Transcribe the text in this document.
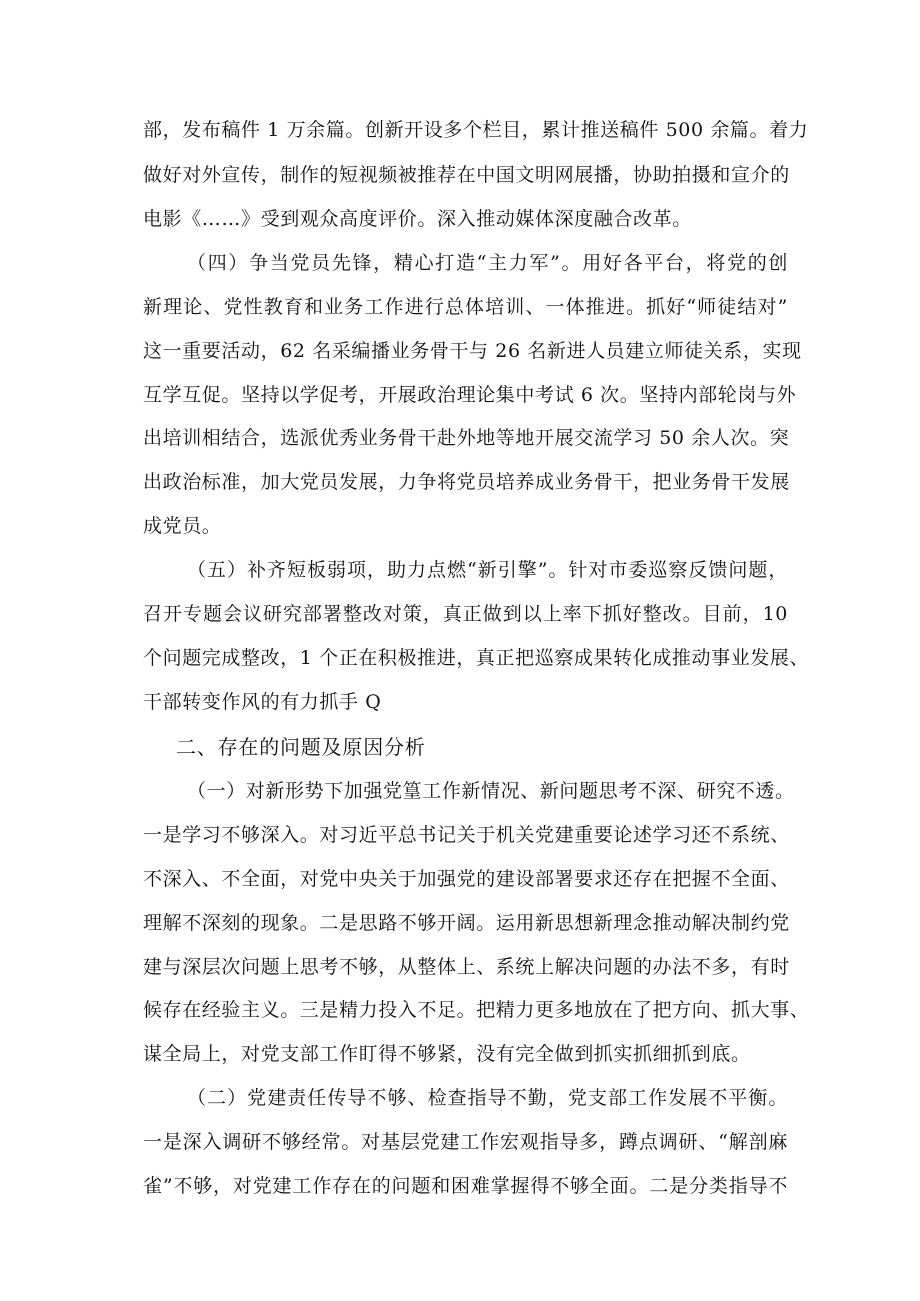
部，发布稿件 1 万余篇。创新开设多个栏目，累计推送稿件 500 余篇。着力
做好对外宣传，制作的短视频被推荐在中国文明网展播，协助拍摄和宣介的
电影《……》受到观众高度评价。深入推动媒体深度融合改革。
（四）争当党员先锋，精心打造“主力军”。用好各平台，将党的创
新理论、党性教育和业务工作进行总体培训、一体推进。抓好“师徒结对”
这一重要活动，62 名采编播业务骨干与 26 名新进人员建立师徒关系，实现
互学互促。坚持以学促考，开展政治理论集中考试 6 次。坚持内部轮岗与外
出培训相结合，选派优秀业务骨干赴外地等地开展交流学习 50 余人次。突
出政治标准，加大党员发展，力争将党员培养成业务骨干，把业务骨干发展
成党员。
（五）补齐短板弱项，助力点燃“新引擎”。针对市委巡察反馈问题，
召开专题会议研究部署整改对策，真正做到以上率下抓好整改。目前，10
个问题完成整改，1 个正在积极推进，真正把巡察成果转化成推动事业发展、
干部转变作风的有力抓手 Q
二、存在的问题及原因分析
（一）对新形势下加强党篁工作新情况、新问题思考不深、研究不透。
一是学习不够深入。对习近平总书记关于机关党建重要论述学习还不系统、
不深入、不全面，对党中央关于加强党的建设部署要求还存在把握不全面、
理解不深刻的现象。二是思路不够开阔。运用新思想新理念推动解决制约党
建与深层次问题上思考不够，从整体上、系统上解决问题的办法不多，有时
候存在经验主义。三是精力投入不足。把精力更多地放在了把方向、抓大事、
谋全局上，对党支部工作盯得不够紧，没有完全做到抓实抓细抓到底。
（二）党建责任传导不够、检查指导不勤，党支部工作发展不平衡。
一是深入调研不够经常。对基层党建工作宏观指导多，蹲点调研、“解剖麻
雀”不够，对党建工作存在的问题和困难掌握得不够全面。二是分类指导不
